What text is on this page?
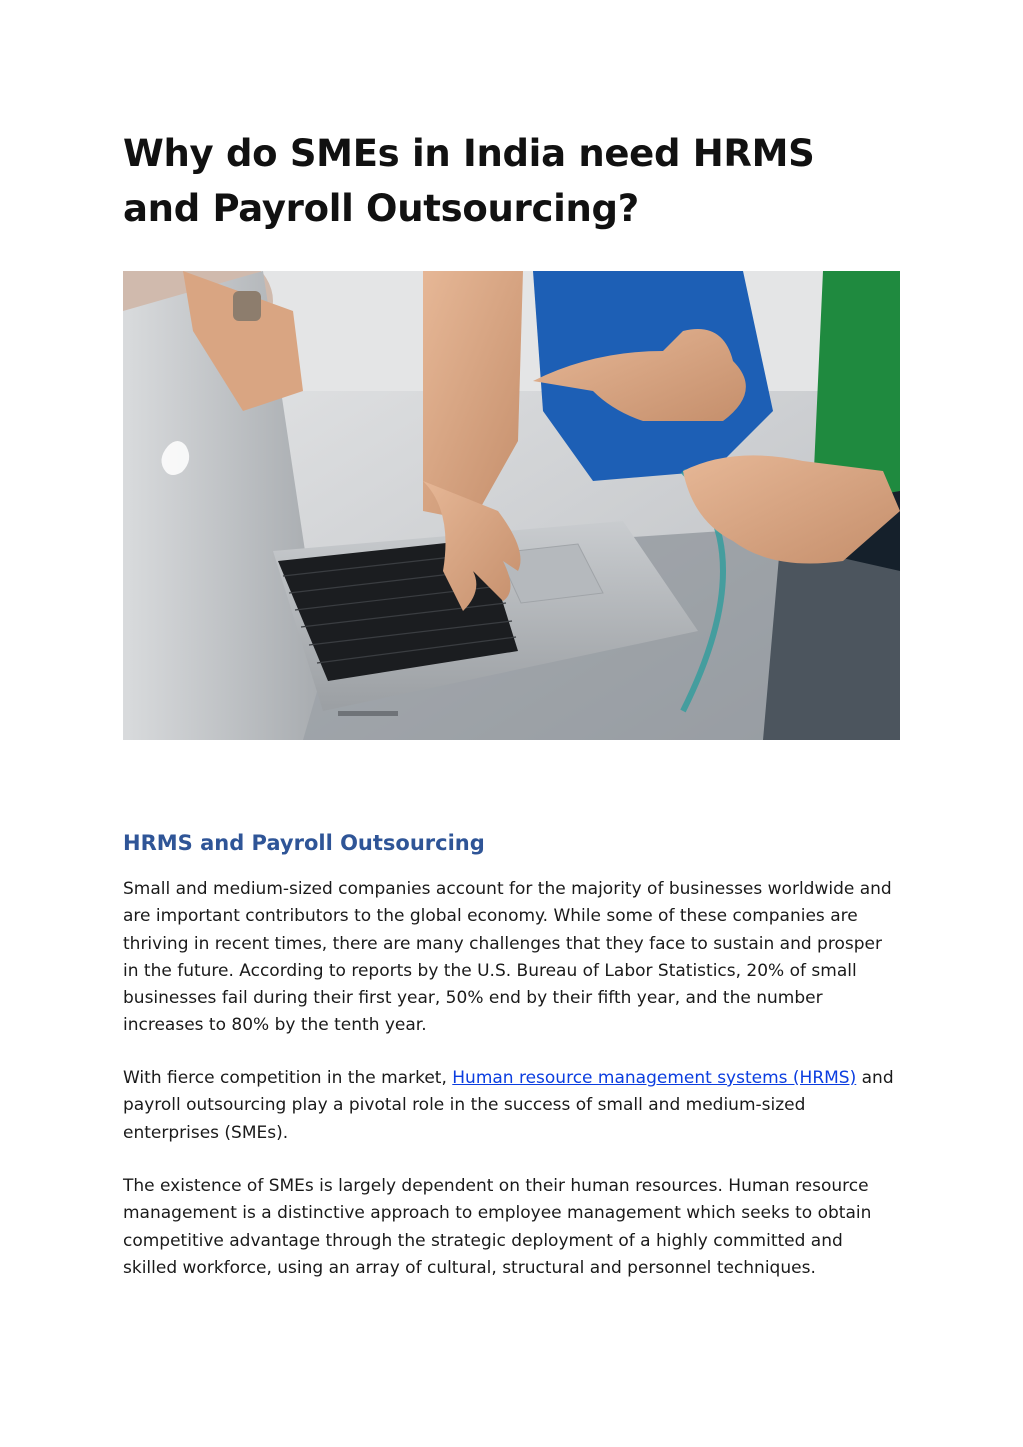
Why do SMEs in India need HRMS and Payroll Outsourcing?
HRMS and Payroll Outsourcing

Small and medium-sized companies account for the majority of businesses worldwide and are important contributors to the global economy. While some of these companies are thriving in recent times, there are many challenges that they face to sustain and prosper in the future. According to reports by the U.S. Bureau of Labor Statistics, 20% of small businesses fail during their first year, 50% end by their fifth year, and the number increases to 80% by the tenth year.

With fierce competition in the market, Human resource management systems (HRMS) and payroll outsourcing play a pivotal role in the success of small and medium-sized enterprises (SMEs).

The existence of SMEs is largely dependent on their human resources. Human resource management is a distinctive approach to employee management which seeks to obtain competitive advantage through the strategic deployment of a highly committed and skilled workforce, using an array of cultural, structural and personnel techniques.
